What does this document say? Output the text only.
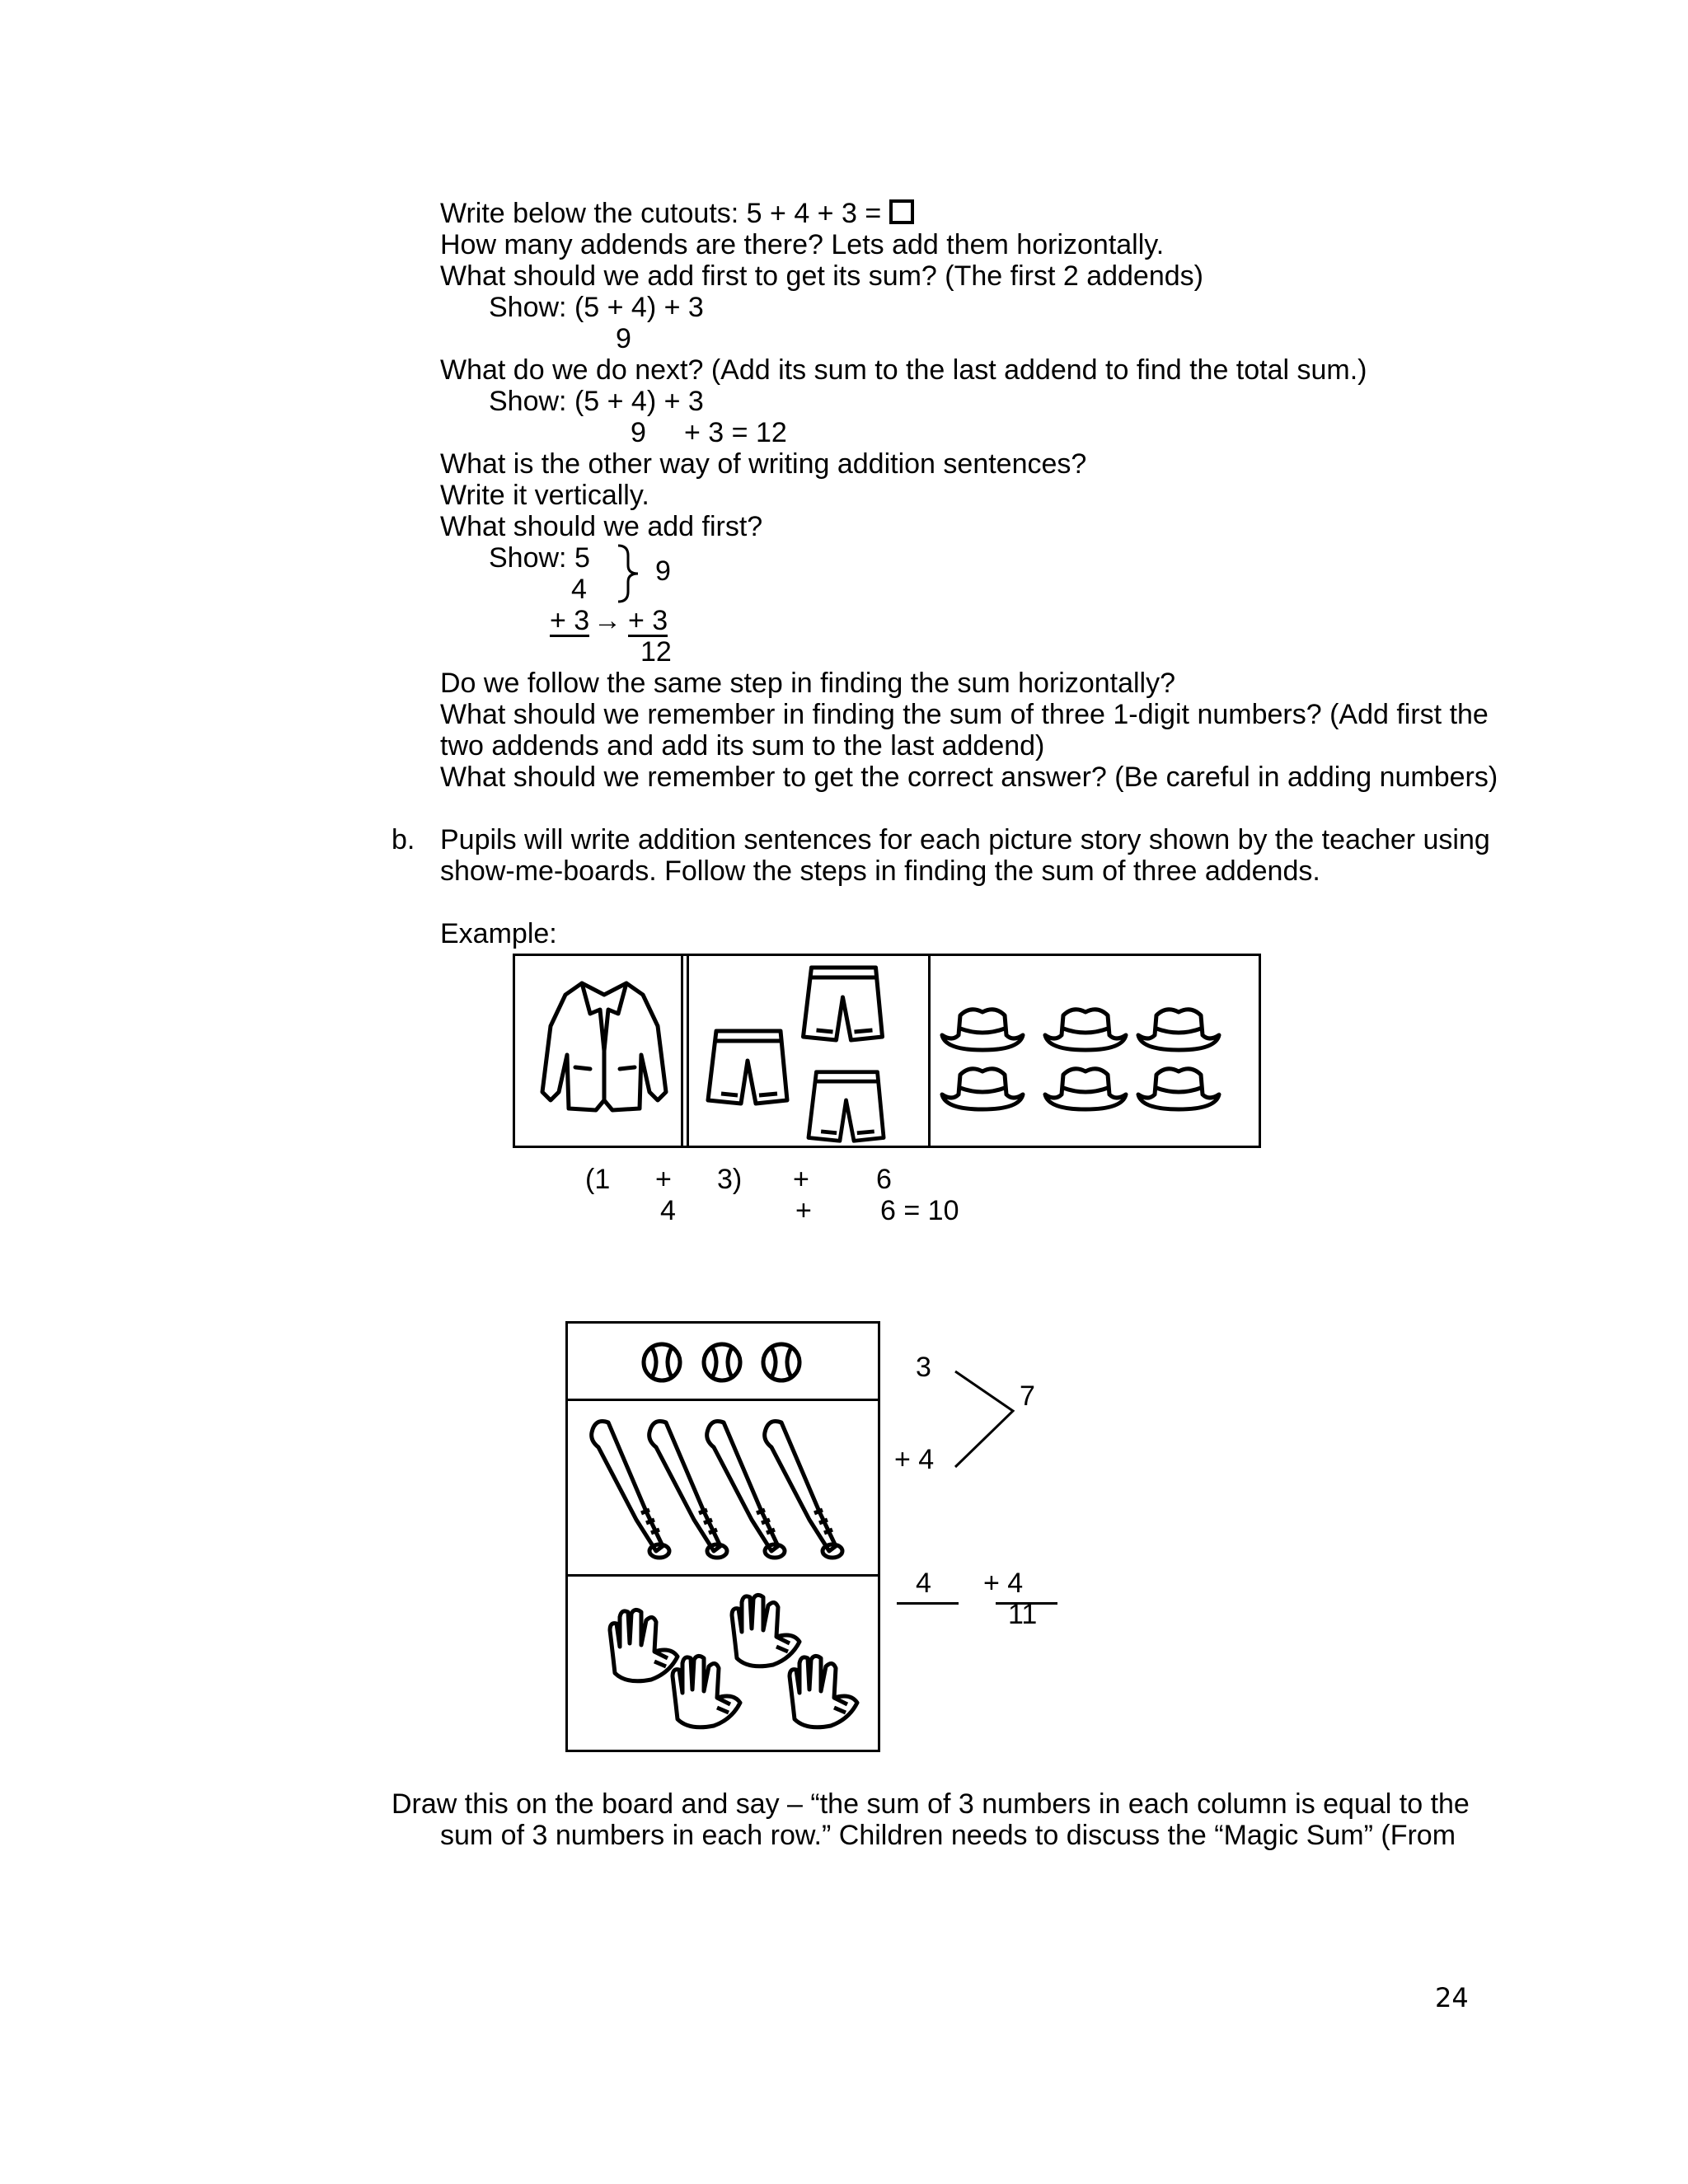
Write below the cutouts: 5 + 4 + 3 =
How many addends are there? Lets add them horizontally.
What should we add first to get its sum? (The first 2 addends)
Show: (5 + 4) + 3
9
What do we do next? (Add its sum to the last addend to find the total sum.)
Show: (5 + 4) + 3
9 + 3 = 12
What is the other way of writing addition sentences?
Write it vertically.
What should we add first?
Show: 5
4
9
+ 3 → + 3
12
Do we follow the same step in finding the sum horizontally?
What should we remember in finding the sum of three 1-digit numbers? (Add first the
two addends and add its sum to the last addend)
What should we remember to get the correct answer? (Be careful in adding numbers)
b. Pupils will write addition sentences for each picture story shown by the teacher using
show-me-boards. Follow the steps in finding the sum of three addends.
Example:
(1 + 3) + 6
4	+ 6 = 10
3
7
+ 4
4 + 4
11
Draw this on the board and say – “the sum of 3 numbers in each column is equal to the
sum of 3 numbers in each row.” Children needs to discuss the “Magic Sum” (From
24
